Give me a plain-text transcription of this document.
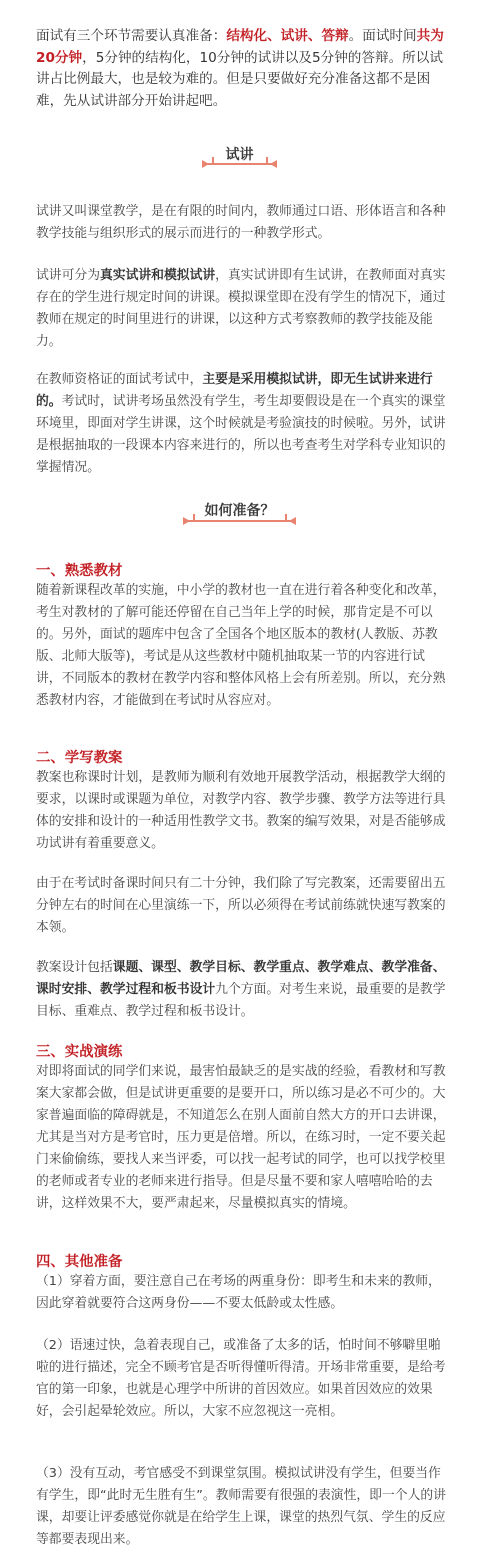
面试有三个环节需要认真准备：结构化、试讲、答辩。面试时间共为20分钟，5分钟的结构化，10分钟的试讲以及5分钟的答辩。所以试讲占比例最大，也是较为难的。但是只要做好充分准备这都不是困难，先从试讲部分开始讲起吧。
试讲
试讲又叫课堂教学，是在有限的时间内，教师通过口语、形体语言和各种教学技能与组织形式的展示而进行的一种教学形式。
试讲可分为真实试讲和模拟试讲，真实试讲即有生试讲，在教师面对真实存在的学生进行规定时间的讲课。模拟课堂即在没有学生的情况下，通过教师在规定的时间里进行的讲课，以这种方式考察教师的教学技能及能力。
在教师资格证的面试考试中，主要是采用模拟试讲，即无生试讲来进行的。考试时，试讲考场虽然没有学生，考生却要假设是在一个真实的课堂环境里，即面对学生讲课，这个时候就是考验演技的时候啦。另外，试讲是根据抽取的一段课本内容来进行的，所以也考查考生对学科专业知识的掌握情况。
如何准备？
一、熟悉教材
随着新课程改革的实施，中小学的教材也一直在进行着各种变化和改革，考生对教材的了解可能还停留在自己当年上学的时候，那肯定是不可以的。另外，面试的题库中包含了全国各个地区版本的教材(人教版、苏教版、北师大版等)，考试是从这些教材中随机抽取某一节的内容进行试讲，不同版本的教材在教学内容和整体风格上会有所差别。所以，充分熟悉教材内容，才能做到在考试时从容应对。
二、学写教案
教案也称课时计划，是教师为顺利有效地开展教学活动，根据教学大纲的要求，以课时或课题为单位，对教学内容、教学步骤、教学方法等进行具体的安排和设计的一种适用性教学文书。教案的编写效果，对是否能够成功试讲有着重要意义。
由于在考试时备课时间只有二十分钟，我们除了写完教案，还需要留出五分钟左右的时间在心里演练一下，所以必须得在考试前练就快速写教案的本领。
教案设计包括课题、课型、教学目标、教学重点、教学难点、教学准备、课时安排、教学过程和板书设计九个方面。对考生来说，最重要的是教学目标、重难点、教学过程和板书设计。
三、实战演练
对即将面试的同学们来说，最害怕最缺乏的是实战的经验，看教材和写教案大家都会做，但是试讲更重要的是要开口，所以练习是必不可少的。大家普遍面临的障碍就是，不知道怎么在别人面前自然大方的开口去讲课，尤其是当对方是考官时，压力更是倍增。所以，在练习时，一定不要关起门来偷偷练，要找人来当评委，可以找一起考试的同学，也可以找学校里的老师或者专业的老师来进行指导。但是尽量不要和家人嘻嘻哈哈的去讲，这样效果不大，要严肃起来，尽量模拟真实的情境。
四、其他准备
（1）穿着方面，要注意自己在考场的两重身份：即考生和未来的教师，因此穿着就要符合这两身份——不要太低龄或太性感。
（2）语速过快，急着表现自己，或准备了太多的话，怕时间不够噼里啪啦的进行描述，完全不顾考官是否听得懂听得清。开场非常重要，是给考官的第一印象，也就是心理学中所讲的首因效应。如果首因效应的效果好，会引起晕轮效应。所以，大家不应忽视这一亮相。
（3）没有互动，考官感受不到课堂氛围。模拟试讲没有学生，但要当作有学生，即“此时无生胜有生”。教师需要有很强的表演性，即一个人的讲课，却要让评委感觉你就是在给学生上课，课堂的热烈气氛、学生的反应等都要表现出来。
